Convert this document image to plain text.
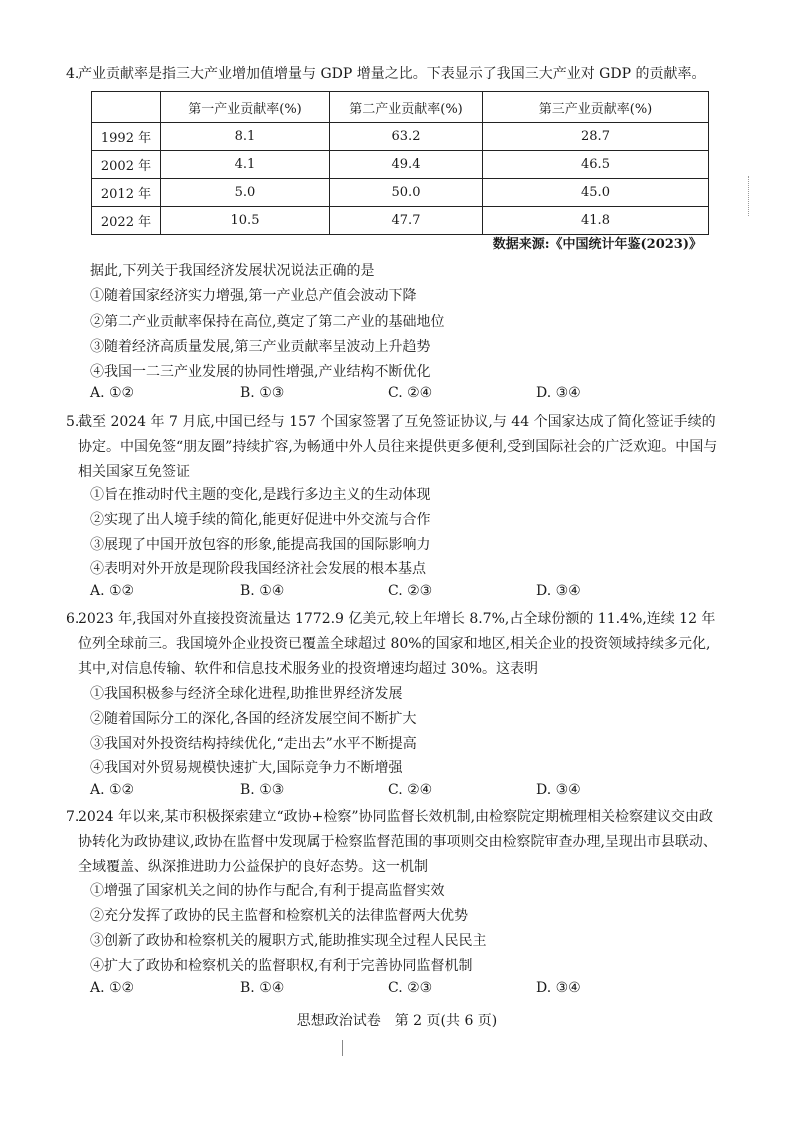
4.
产业贡献率是指三大产业增加值增量与 GDP 增量之比。下表显示了我国三大产业对 GDP 的贡献率。
	第一产业贡献率(%)	第二产业贡献率(%)	第三产业贡献率(%)
1992 年	8.1	63.2	28.7
2002 年	4.1	49.4	46.5
2012 年	5.0	50.0	45.0
2022 年	10.5	47.7	41.8
数据来源:《中国统计年鉴(2023)》
据此,下列关于我国经济发展状况说法正确的是
①随着国家经济实力增强,第一产业总产值会波动下降
②第二产业贡献率保持在高位,奠定了第二产业的基础地位
③随着经济高质量发展,第三产业贡献率呈波动上升趋势
④我国一二三产业发展的协同性增强,产业结构不断优化
A. ①②	B. ①③	C. ②④	D. ③④
5.
截至 2024 年 7 月底,中国已经与 157 个国家签署了互免签证协议,与 44 个国家达成了简化签证手续的协定。中国免签“朋友圈”持续扩容,为畅通中外人员往来提供更多便利,受到国际社会的广泛欢迎。中国与相关国家互免签证
①旨在推动时代主题的变化,是践行多边主义的生动体现
②实现了出人境手续的简化,能更好促进中外交流与合作
③展现了中国开放包容的形象,能提高我国的国际影响力
④表明对外开放是现阶段我国经济社会发展的根本基点
A. ①②	B. ①④	C. ②③	D. ③④
6.
2023 年,我国对外直接投资流量达 1772.9 亿美元,较上年增长 8.7%,占全球份额的 11.4%,连续 12 年位列全球前三。我国境外企业投资已覆盖全球超过 80%的国家和地区,相关企业的投资领域持续多元化,其中,对信息传输、软件和信息技术服务业的投资增速均超过 30%。这表明
①我国积极参与经济全球化进程,助推世界经济发展
②随着国际分工的深化,各国的经济发展空间不断扩大
③我国对外投资结构持续优化,“走出去”水平不断提高
④我国对外贸易规模快速扩大,国际竞争力不断增强
A. ①②	B. ①③	C. ②④	D. ③④
7.
2024 年以来,某市积极探索建立“政协+检察”协同监督长效机制,由检察院定期梳理相关检察建议交由政协转化为政协建议,政协在监督中发现属于检察监督范围的事项则交由检察院审查办理,呈现出市县联动、全域覆盖、纵深推进助力公益保护的良好态势。这一机制
①增强了国家机关之间的协作与配合,有利于提高监督实效
②充分发挥了政协的民主监督和检察机关的法律监督两大优势
③创新了政协和检察机关的履职方式,能助推实现全过程人民民主
④扩大了政协和检察机关的监督职权,有利于完善协同监督机制
A. ①②	B. ①④	C. ②③	D. ③④
思想政治试卷　第 2 页(共 6 页)
